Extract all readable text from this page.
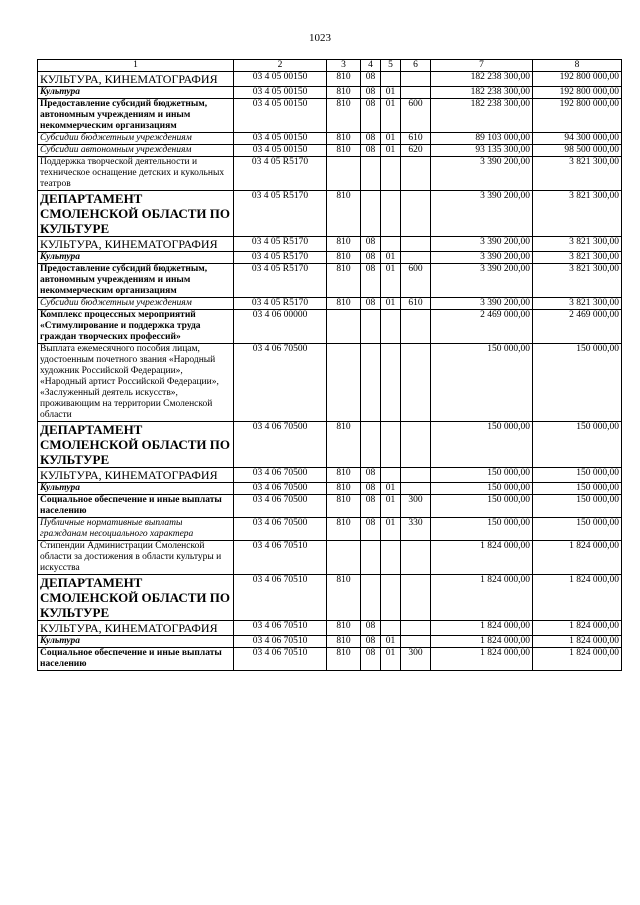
1023
1	2	3	4	5	6	7	8
КУЛЬТУРА, КИНЕМАТОГРАФИЯ	03 4 05 00150	810	08			182 238 300,00	192 800 000,00
Культура	03 4 05 00150	810	08	01		182 238 300,00	192 800 000,00
Предоставление субсидий бюджетным, автономным учреждениям и иным некоммерческим организациям	03 4 05 00150	810	08	01	600	182 238 300,00	192 800 000,00
Субсидии бюджетным учреждениям	03 4 05 00150	810	08	01	610	89 103 000,00	94 300 000,00
Субсидии автономным учреждениям	03 4 05 00150	810	08	01	620	93 135 300,00	98 500 000,00
Поддержка творческой деятельности и техническое оснащение детских и кукольных театров	03 4 05 R5170					3 390 200,00	3 821 300,00
ДЕПАРТАМЕНТ СМОЛЕНСКОЙ ОБЛАСТИ ПО КУЛЬТУРЕ	03 4 05 R5170	810				3 390 200,00	3 821 300,00
КУЛЬТУРА, КИНЕМАТОГРАФИЯ	03 4 05 R5170	810	08			3 390 200,00	3 821 300,00
Культура	03 4 05 R5170	810	08	01		3 390 200,00	3 821 300,00
Предоставление субсидий бюджетным, автономным учреждениям и иным некоммерческим организациям	03 4 05 R5170	810	08	01	600	3 390 200,00	3 821 300,00
Субсидии бюджетным учреждениям	03 4 05 R5170	810	08	01	610	3 390 200,00	3 821 300,00
Комплекс процессных мероприятий «Стимулирование и поддержка труда граждан творческих профессий»	03 4 06 00000					2 469 000,00	2 469 000,00
Выплата ежемесячного пособия лицам, удостоенным почетного звания «Народный художник Российской Федерации», «Народный артист Российской Федерации», «Заслуженный деятель искусств», проживающим на территории Смоленской области	03 4 06 70500					150 000,00	150 000,00
ДЕПАРТАМЕНТ СМОЛЕНСКОЙ ОБЛАСТИ ПО КУЛЬТУРЕ	03 4 06 70500	810				150 000,00	150 000,00
КУЛЬТУРА, КИНЕМАТОГРАФИЯ	03 4 06 70500	810	08			150 000,00	150 000,00
Культура	03 4 06 70500	810	08	01		150 000,00	150 000,00
Социальное обеспечение и иные выплаты населению	03 4 06 70500	810	08	01	300	150 000,00	150 000,00
Публичные нормативные выплаты гражданам несоциального характера	03 4 06 70500	810	08	01	330	150 000,00	150 000,00
Стипендии Администрации Смоленской области за достижения в области культуры и искусства	03 4 06 70510					1 824 000,00	1 824 000,00
ДЕПАРТАМЕНТ СМОЛЕНСКОЙ ОБЛАСТИ ПО КУЛЬТУРЕ	03 4 06 70510	810				1 824 000,00	1 824 000,00
КУЛЬТУРА, КИНЕМАТОГРАФИЯ	03 4 06 70510	810	08			1 824 000,00	1 824 000,00
Культура	03 4 06 70510	810	08	01		1 824 000,00	1 824 000,00
Социальное обеспечение и иные выплаты населению	03 4 06 70510	810	08	01	300	1 824 000,00	1 824 000,00
